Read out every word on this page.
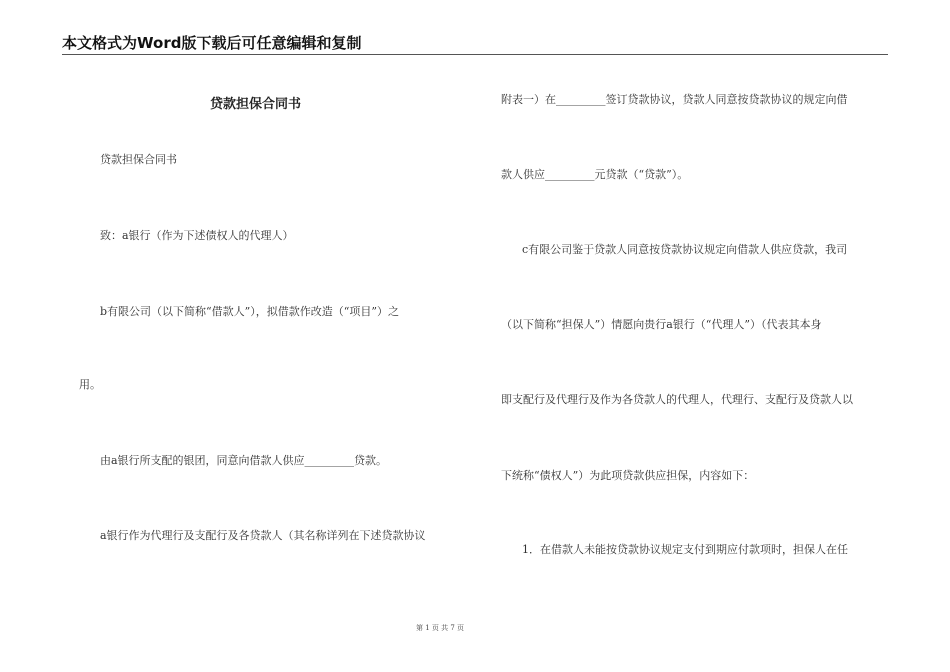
本文格式为Word版下载后可任意编辑和复制
贷款担保合同书
贷款担保合同书
致：a银行（作为下述债权人的代理人）
b有限公司（以下简称“借款人”），拟借款作改造（“项目”）之
用。
由a银行所支配的银团，同意向借款人供应_________贷款。
a银行作为代理行及支配行及各贷款人（其名称详列在下述贷款协议
附表一）在_________签订贷款协议，贷款人同意按贷款协议的规定向借
款人供应_________元贷款（“贷款”）。
c有限公司鉴于贷款人同意按贷款协议规定向借款人供应贷款，我司
（以下简称“担保人”）情愿向贵行a银行（“代理人”）（代表其本身
即支配行及代理行及作为各贷款人的代理人，代理行、支配行及贷款人以
下统称“债权人”）为此项贷款供应担保，内容如下：
1．在借款人未能按贷款协议规定支付到期应付款项时，担保人在任
第 1 页 共 7 页
